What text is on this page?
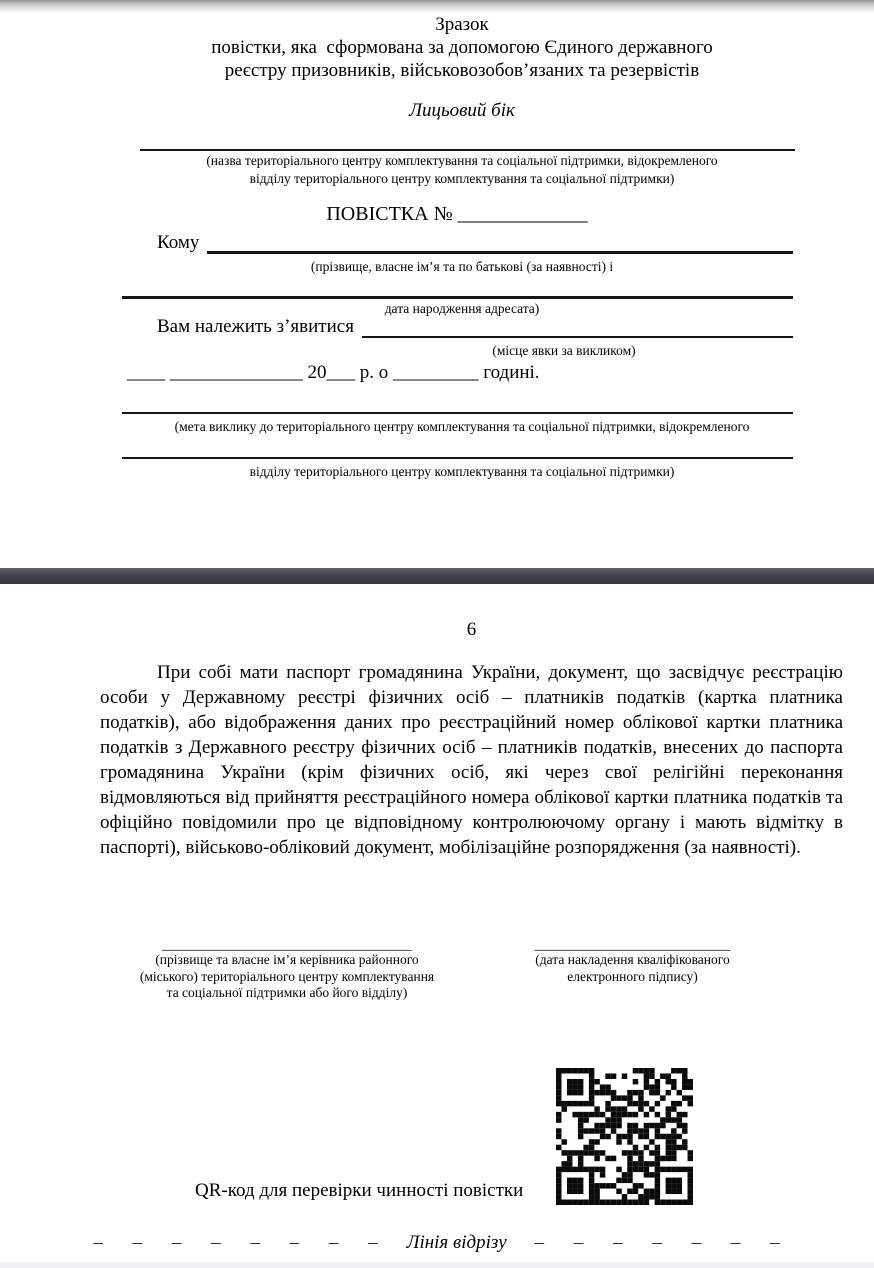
Зразок
повістки, яка  сформована за допомогою Єдиного державного
реєстру призовників, військовозобов’язаних та резервістів
Лицьовий бік
(назва територіального центру комплектування та соціальної підтримки, відокремленого
відділу територіального центру комплектування та соціальної підтримки)
ПОВІСТКА № _____________
Кому
(прізвище, власне ім’я та по батькові (за наявності) і
дата народження адресата)
Вам належить з’явитися
(місце явки за викликом)
____ ______________ 20___ р. о _________ годині.
(мета виклику до територіального центру комплектування та соціальної підтримки, відокремленого
відділу територіального центру комплектування та соціальної підтримки)
6
При собі мати паспорт громадянина України, документ, що засвідчує реєстрацію особи у Державному реєстрі фізичних осіб – платників податків (картка платника податків), або відображення даних про реєстраційний номер облікової картки платника податків з Державного реєстру фізичних осіб – платників податків, внесених до паспорта громадянина України (крім фізичних осіб, які через свої релігійні переконання відмовляються від прийняття реєстраційного номера облікової картки платника податків та офіційно повідомили про це відповідному контролюючому органу і мають відмітку в паспорті), військово-обліковий документ, мобілізаційне розпорядження (за наявності).
_____________________________________
(прізвище та власне ім’я керівника районного
(міського) територіального центру комплектування
та соціальної підтримки або його відділу)
_____________________________
(дата накладення кваліфікованого
електронного підпису)
QR-код для перевірки чинності повістки
–     –     –     –     –     –     –     – Лінія відрізу –     –     –     –     –     –     –
